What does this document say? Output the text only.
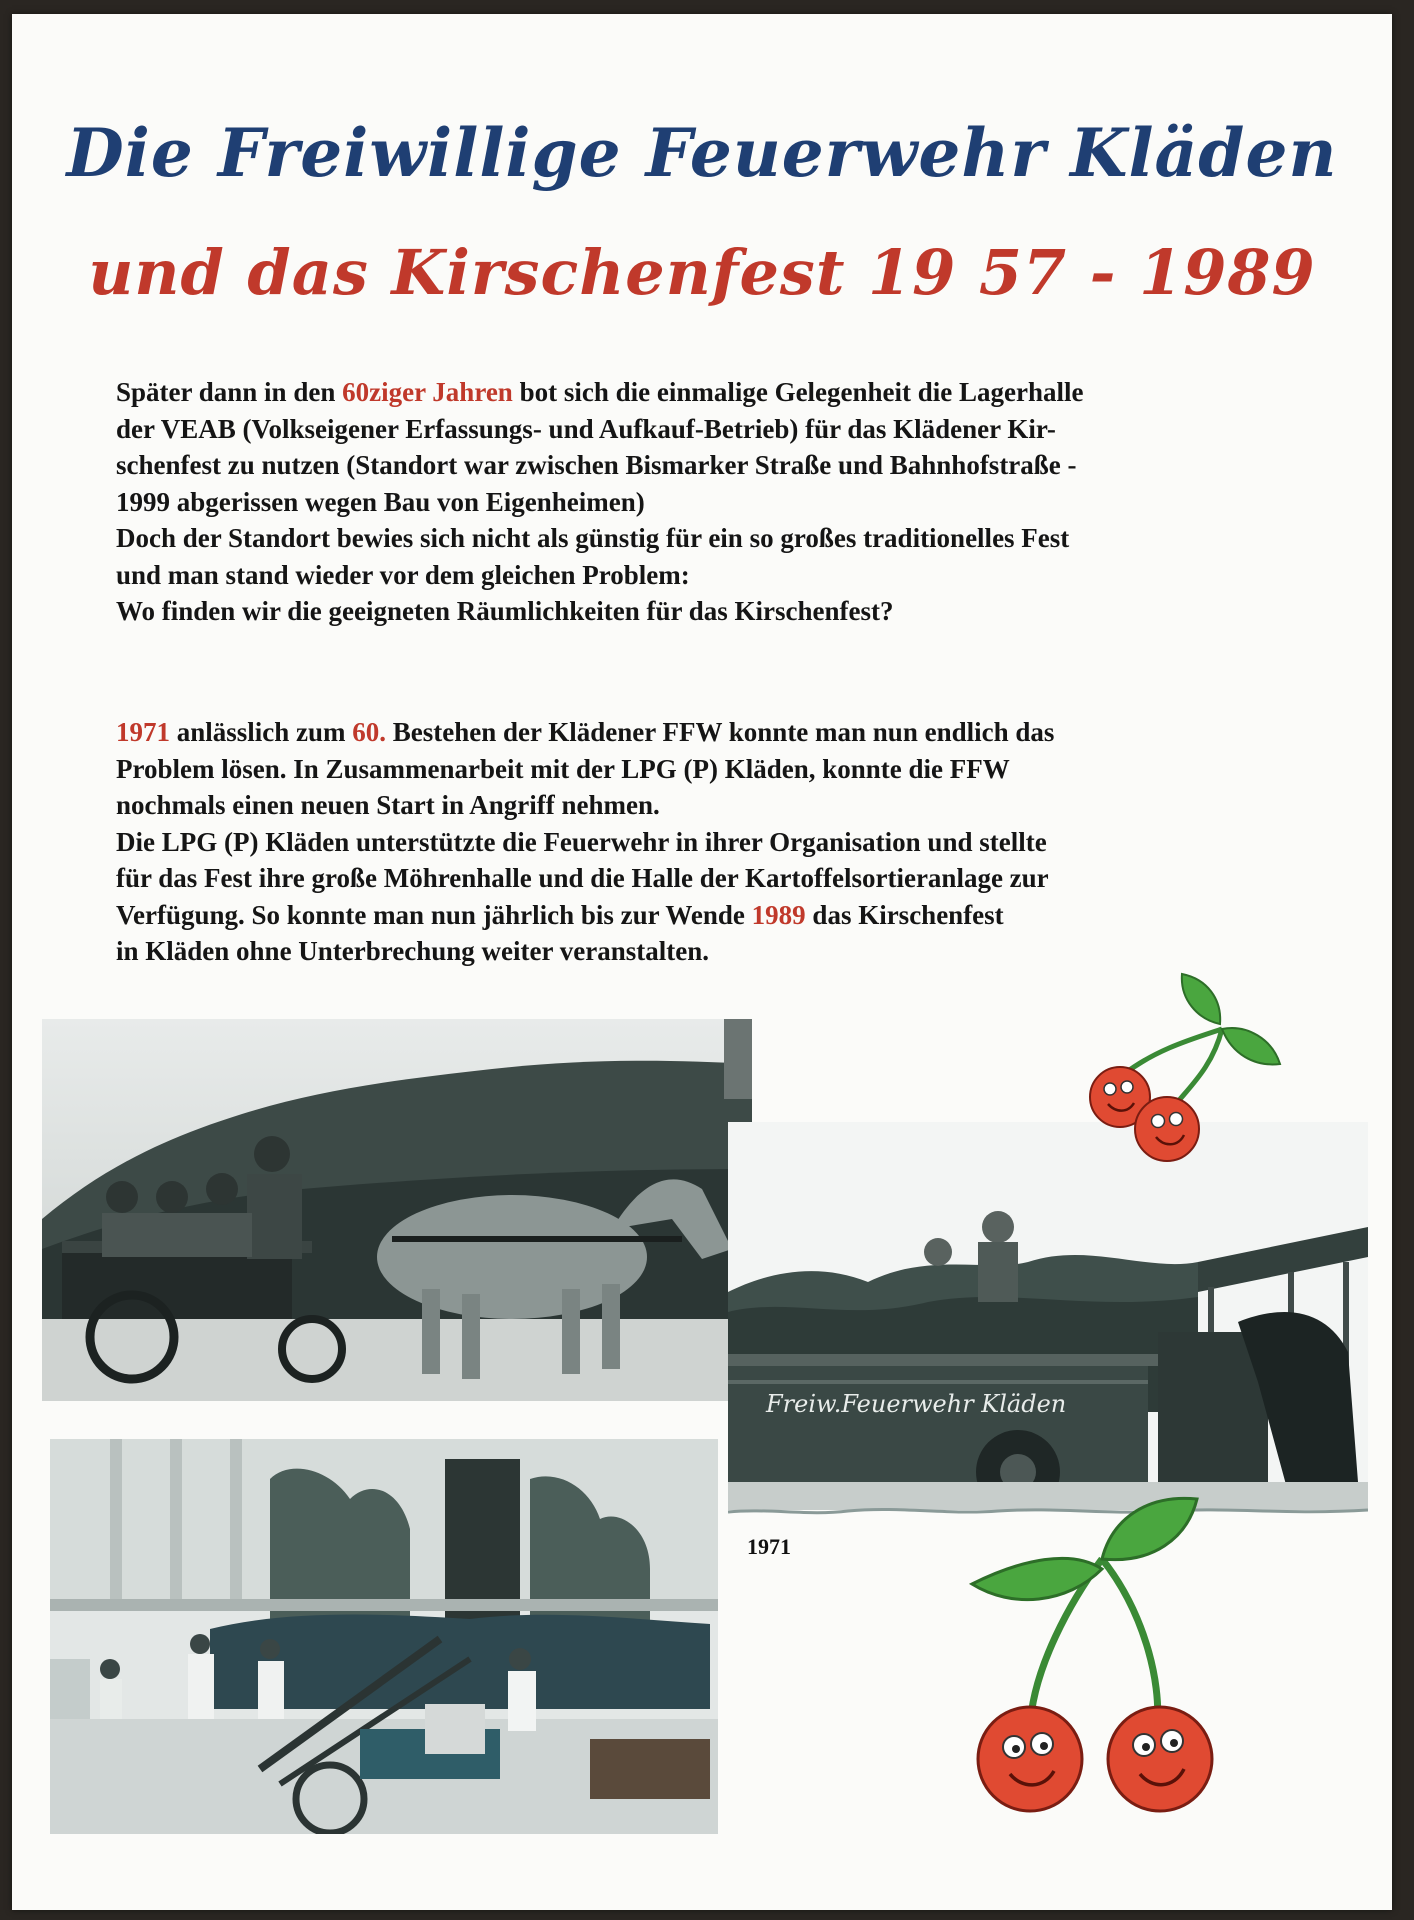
Die Freiwillige Feuerwehr Kläden
und das Kirschenfest 19 57 - 1989

Später dann in den 60ziger Jahren bot sich die einmalige Gelegenheit die Lagerhalle

der VEAB (Volkseigener Erfassungs- und Aufkauf-Betrieb) für das Klädener Kir-

schenfest zu nutzen (Standort war zwischen Bismarker Straße und Bahnhofstraße -

1999 abgerissen wegen Bau von Eigenheimen)

Doch der Standort bewies sich nicht als günstig für ein so großes traditionelles Fest

und man stand wieder vor dem gleichen Problem:

Wo finden wir die geeigneten Räumlichkeiten für das Kirschenfest?

1971 anlässlich zum 60. Bestehen der Klädener FFW konnte man nun endlich das

Problem lösen. In Zusammenarbeit mit der LPG (P) Kläden, konnte die FFW

nochmals einen neuen Start in Angriff nehmen.

Die LPG (P) Kläden unterstützte die Feuerwehr in ihrer Organisation und stellte

für das Fest ihre große Möhrenhalle und die Halle der Kartoffelsortieranlage zur

Verfügung. So konnte man nun jährlich bis zur Wende 1989 das Kirschenfest

in Kläden ohne Unterbrechung weiter veranstalten.

Freiw.Feuerwehr Kläden
1971
